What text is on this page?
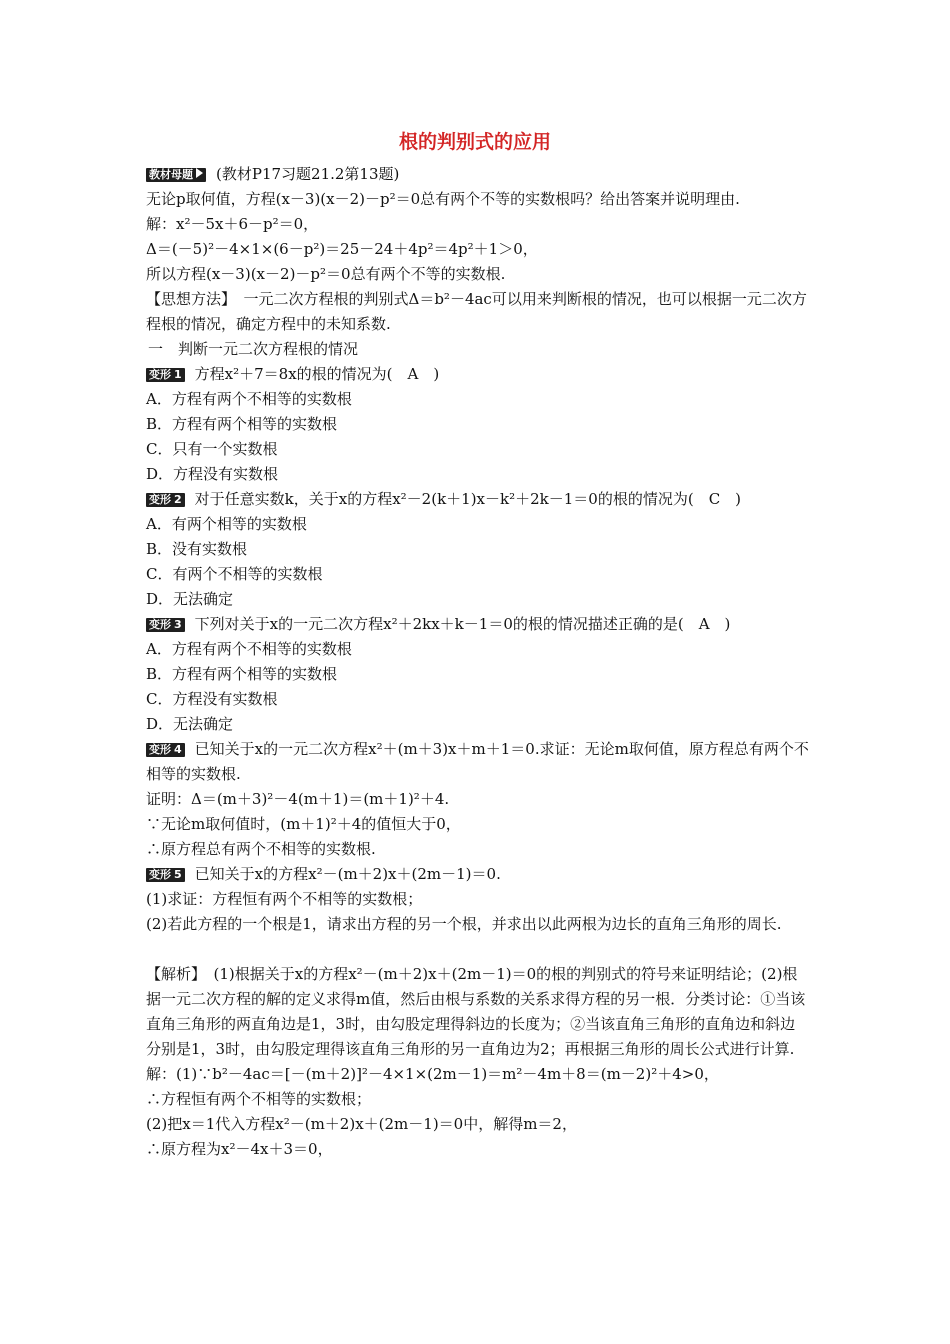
根的判别式的应用
教材母题 (教材P17习题21.2第13题)
无论p取何值，方程(x－3)(x－2)－p²＝0总有两个不等的实数根吗？给出答案并说明理由.
解：x²－5x＋6－p²＝0，
Δ＝(－5)²－4×1×(6－p²)＝25－24＋4p²＝4p²＋1＞0，
所以方程(x－3)(x－2)－p²＝0总有两个不等的实数根.
【思想方法】　一元二次方程根的判别式Δ＝b²－4ac可以用来判断根的情况，也可以根据一元二次方程根的情况，确定方程中的未知系数.
一　判断一元二次方程根的情况
变形 1 方程x²＋7＝8x的根的情况为(　A　)
A．方程有两个不相等的实数根
B．方程有两个相等的实数根
C．只有一个实数根
D．方程没有实数根
变形 2 对于任意实数k，关于x的方程x²－2(k＋1)x－k²＋2k－1＝0的根的情况为(　C　)
A．有两个相等的实数根
B．没有实数根
C．有两个不相等的实数根
D．无法确定
变形 3 下列对关于x的一元二次方程x²＋2kx＋k－1＝0的根的情况描述正确的是(　A　)
A．方程有两个不相等的实数根
B．方程有两个相等的实数根
C．方程没有实数根
D．无法确定
变形 4 已知关于x的一元二次方程x²＋(m＋3)x＋m＋1＝0.求证：无论m取何值，原方程总有两个不相等的实数根.
证明：Δ＝(m＋3)²－4(m＋1)＝(m＋1)²＋4.
∵无论m取何值时，(m＋1)²＋4的值恒大于0，
∴原方程总有两个不相等的实数根.
变形 5 已知关于x的方程x²－(m＋2)x＋(2m－1)＝0.
(1)求证：方程恒有两个不相等的实数根；
(2)若此方程的一个根是1，请求出方程的另一个根，并求出以此两根为边长的直角三角形的周长.
【解析】　(1)根据关于x的方程x²－(m＋2)x＋(2m－1)＝0的根的判别式的符号来证明结论；(2)根据一元二次方程的解的定义求得m值，然后由根与系数的关系求得方程的另一根．分类讨论：①当该直角三角形的两直角边是1，3时，由勾股定理得斜边的长度为；②当该直角三角形的直角边和斜边分别是1，3时，由勾股定理得该直角三角形的另一直角边为2；再根据三角形的周长公式进行计算.
解：(1)∵b²－4ac＝[－(m＋2)]²－4×1×(2m－1)＝m²－4m＋8＝(m－2)²＋4>0，
∴方程恒有两个不相等的实数根；
(2)把x＝1代入方程x²－(m＋2)x＋(2m－1)＝0中，解得m＝2，
∴原方程为x²－4x＋3＝0，
